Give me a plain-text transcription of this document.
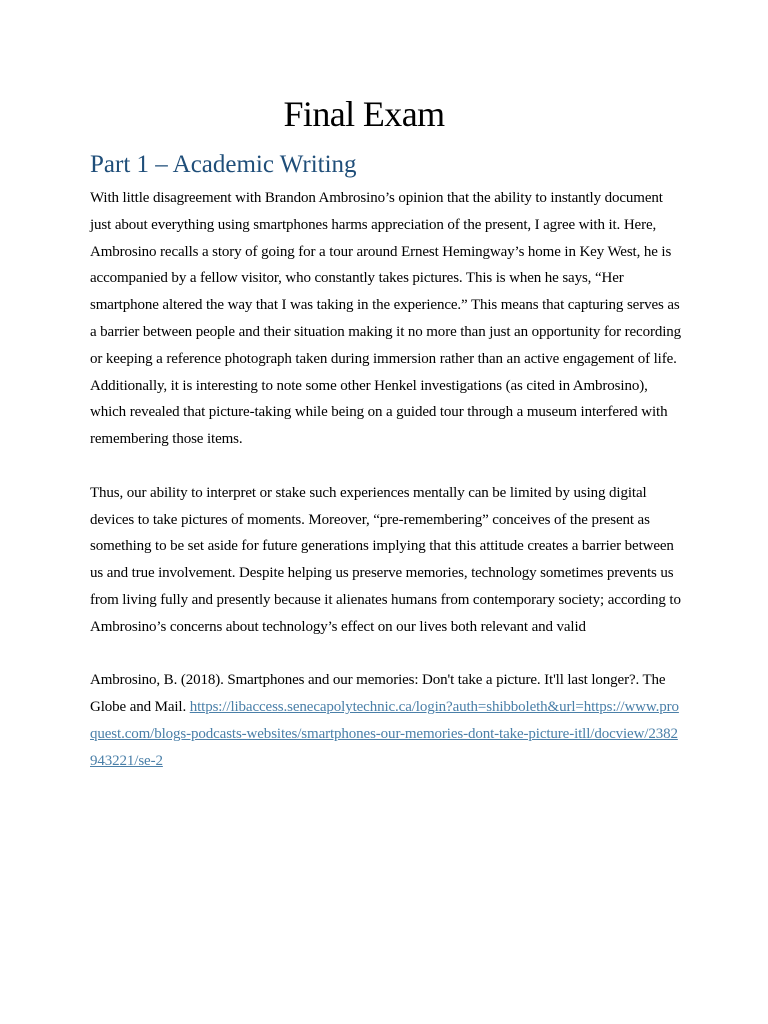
Final Exam
Part 1 – Academic Writing

With little disagreement with Brandon Ambrosino’s opinion that the ability to instantly document just about everything using smartphones harms appreciation of the present, I agree with it. Here, Ambrosino recalls a story of going for a tour around Ernest Hemingway’s home in Key West, he is accompanied by a fellow visitor, who constantly takes pictures. This is when he says, “Her smartphone altered the way that I was taking in the experience.” This means that capturing serves as a barrier between people and their situation making it no more than just an opportunity for recording or keeping a reference photograph taken during immersion rather than an active engagement of life. Additionally, it is interesting to note some other Henkel investigations (as cited in Ambrosino), which revealed that picture-taking while being on a guided tour through a museum interfered with remembering those items.

Thus, our ability to interpret or stake such experiences mentally can be limited by using digital devices to take pictures of moments. Moreover, “pre-remembering” conceives of the present as something to be set aside for future generations implying that this attitude creates a barrier between us and true involvement. Despite helping us preserve memories, technology sometimes prevents us from living fully and presently because it alienates humans from contemporary society; according to Ambrosino’s concerns about technology’s effect on our lives both relevant and valid

Ambrosino, B. (2018). Smartphones and our memories: Don't take a picture. It'll last longer?. The Globe and Mail. https://libaccess.senecapolytechnic.ca/login?auth=shibboleth&url=https://www.proquest.com/blogs-podcasts-websites/smartphones-our-memories-dont-take-picture-itll/docview/2382943221/se-2
